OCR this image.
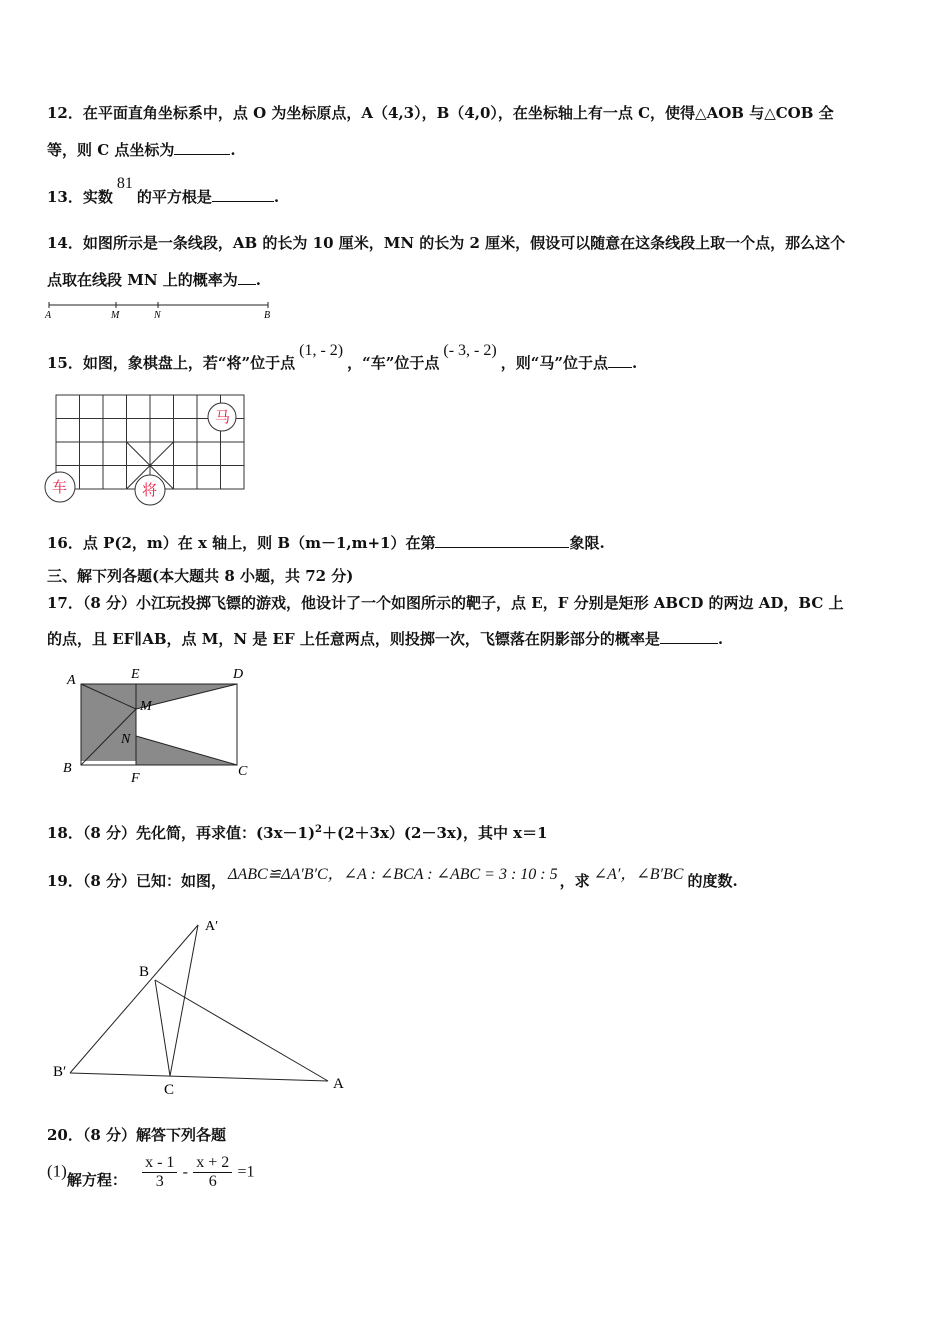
12．在平面直角坐标系中，点 O 为坐标原点，A（4,3），B（4,0），在坐标轴上有一点 C，使得△AOB 与△COB 全
等，则 C 点坐标为	.
13．实数81的平方根是	.
14．如图所示是一条线段，AB 的长为 10 厘米，MN 的长为 2 厘米，假设可以随意在这条线段上取一个点，那么这个
点取在线段 MN 上的概率为 .
A	M	N	B
15．如图，象棋盘上，若“将”位于点(1, - 2)，“车”位于点(- 3, - 2)，则“马”位于点 .
马
车	将
16．点 P(2，m）在 x 轴上，则 B（m－1,m+1）在第	象限.
三、解下列各题(本大题共 8 小题，共 72 分)
17．（8 分）小江玩投掷飞镖的游戏，他设计了一个如图所示的靶子，点 E，F 分别是矩形 ABCD 的两边 AD，BC 上
的点，且 EF∥AB，点 M，N 是 EF 上任意两点，则投掷一次，飞镖落在阴影部分的概率是	.
A	E	D
M
N
B
F	C
18．（8 分）先化简，再求值：$(3x-1)^2+(2+3x)(2-3x)$，其中 x＝1
19．（8 分）已知：如图， ΔABC≌ΔA′B′C，∠A : ∠BCA : ∠ABC = 3 : 10 : 5 ，求 ∠A′，∠B′BC 的度数.
A′
B
B′
C	A
20．（8 分）解答下列各题
(1)解方程： $\frac{x - 1}{3} - \frac{x + 2}{6} =1$
